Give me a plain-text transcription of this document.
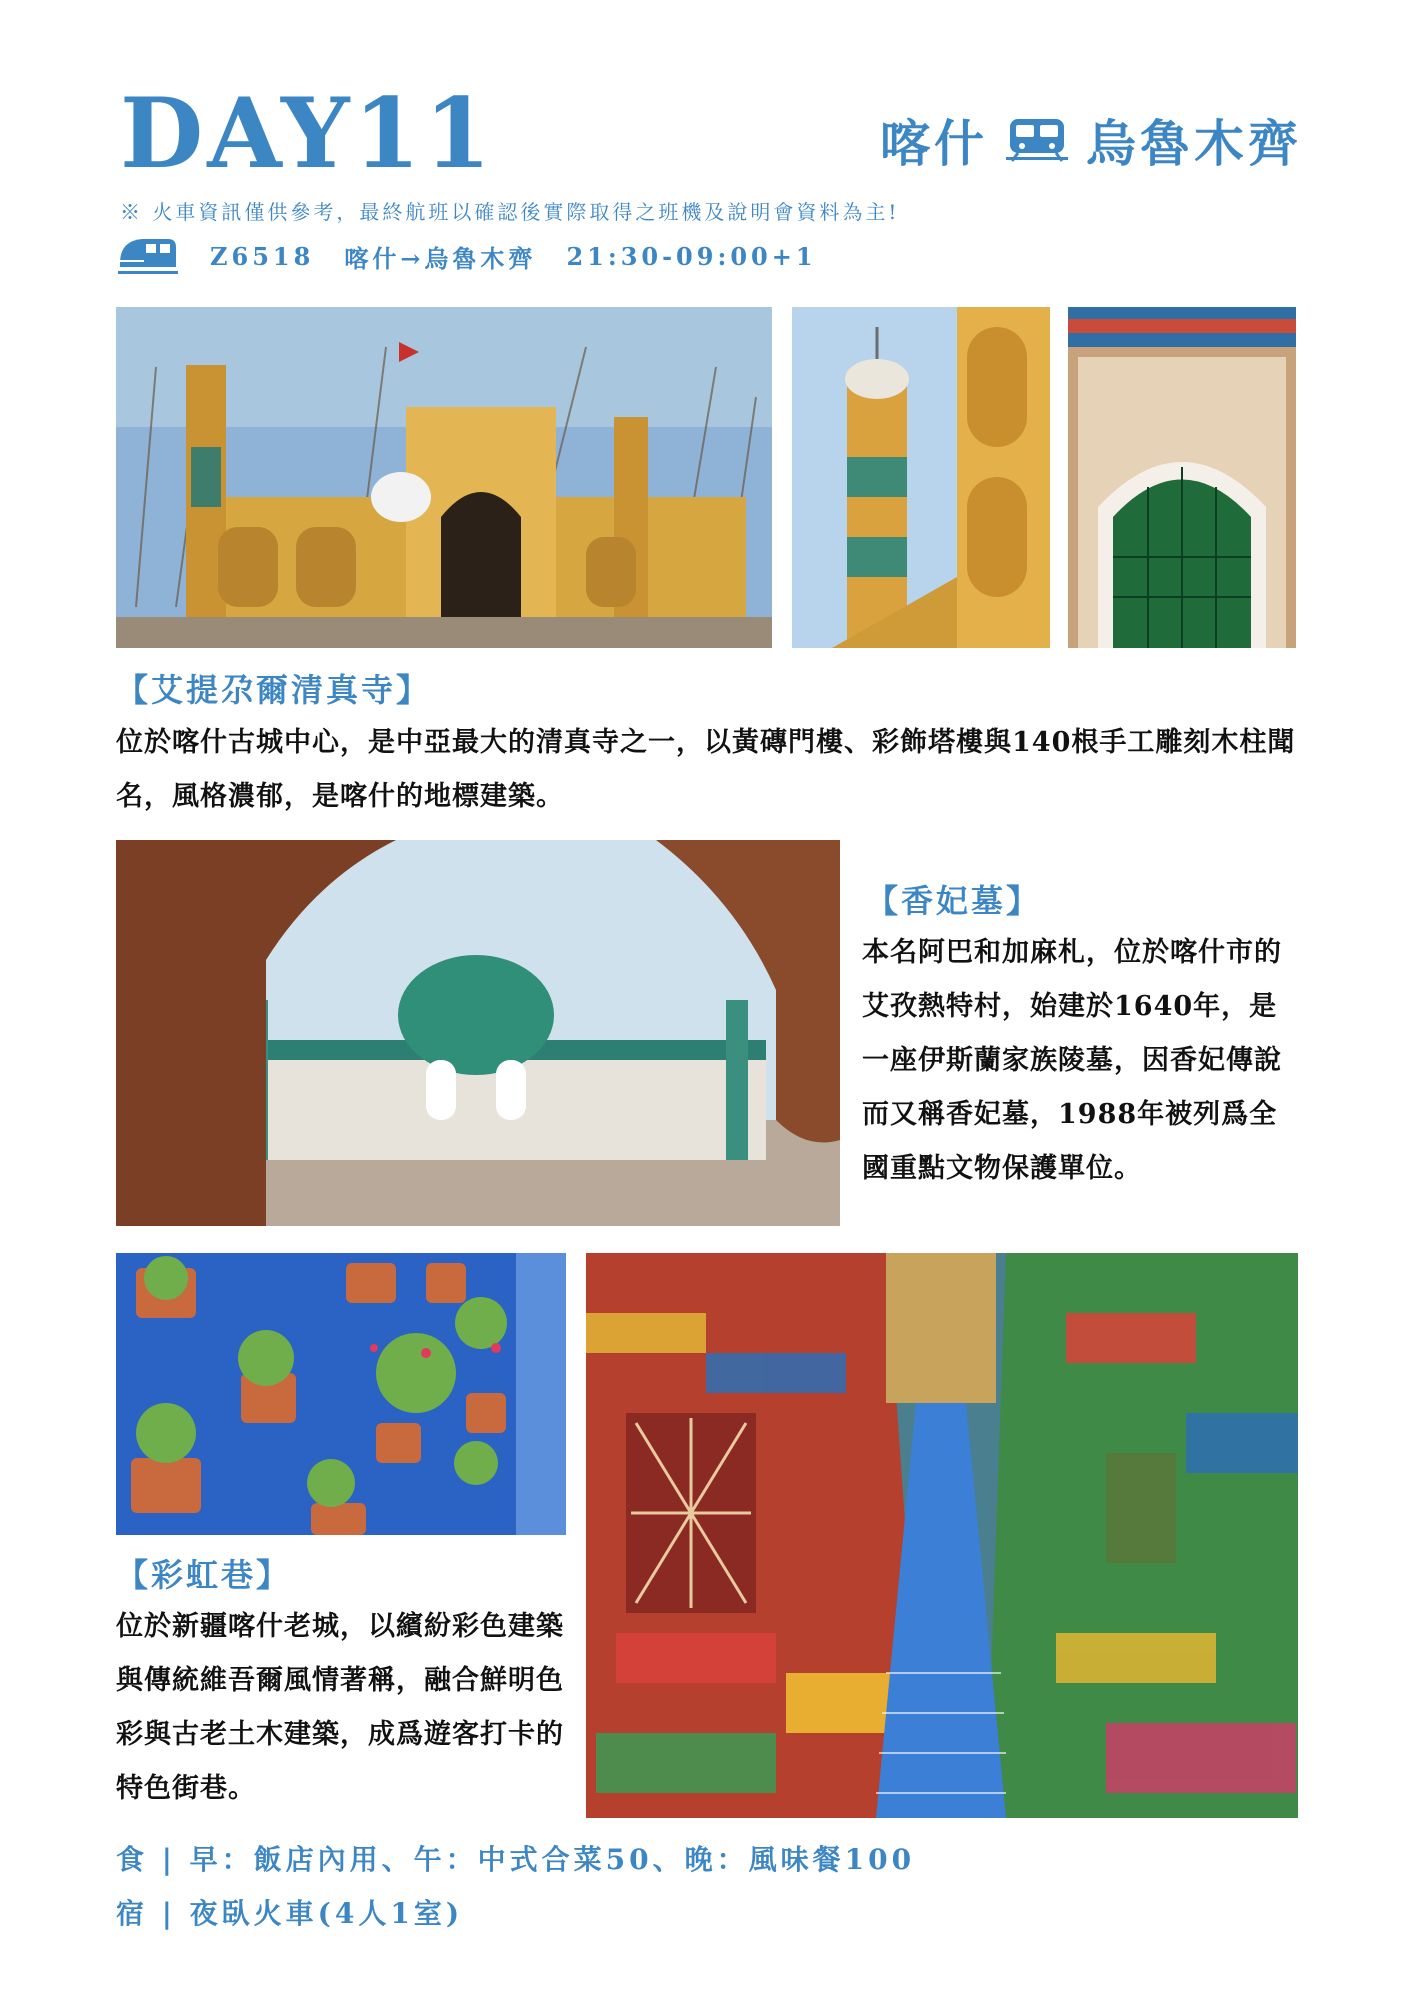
DAY11	喀什 烏魯木齊
※ 火車資訊僅供參考，最終航班以確認後實際取得之班機及說明會資料為主!
Z6518 喀什→烏魯木齊 21:30-09:00+1
【艾提尕爾清真寺】
位於喀什古城中心，是中亞最大的清真寺之一，以黃磚門樓、彩飾塔樓與140根手工雕刻木柱聞名，風格濃郁，是喀什的地標建築。
【香妃墓】
本名阿巴和加麻札，位於喀什市的艾孜熱特村，始建於1640年，是一座伊斯蘭家族陵墓，因香妃傳說而又稱香妃墓，1988年被列爲全國重點文物保護單位。
【彩虹巷】
位於新疆喀什老城，以繽紛彩色建築與傳統維吾爾風情著稱，融合鮮明色彩與古老土木建築，成爲遊客打卡的特色街巷。
食 | 早：飯店內用、午：中式合菜50、晚：風味餐100
宿 | 夜臥火車(4人1室)
